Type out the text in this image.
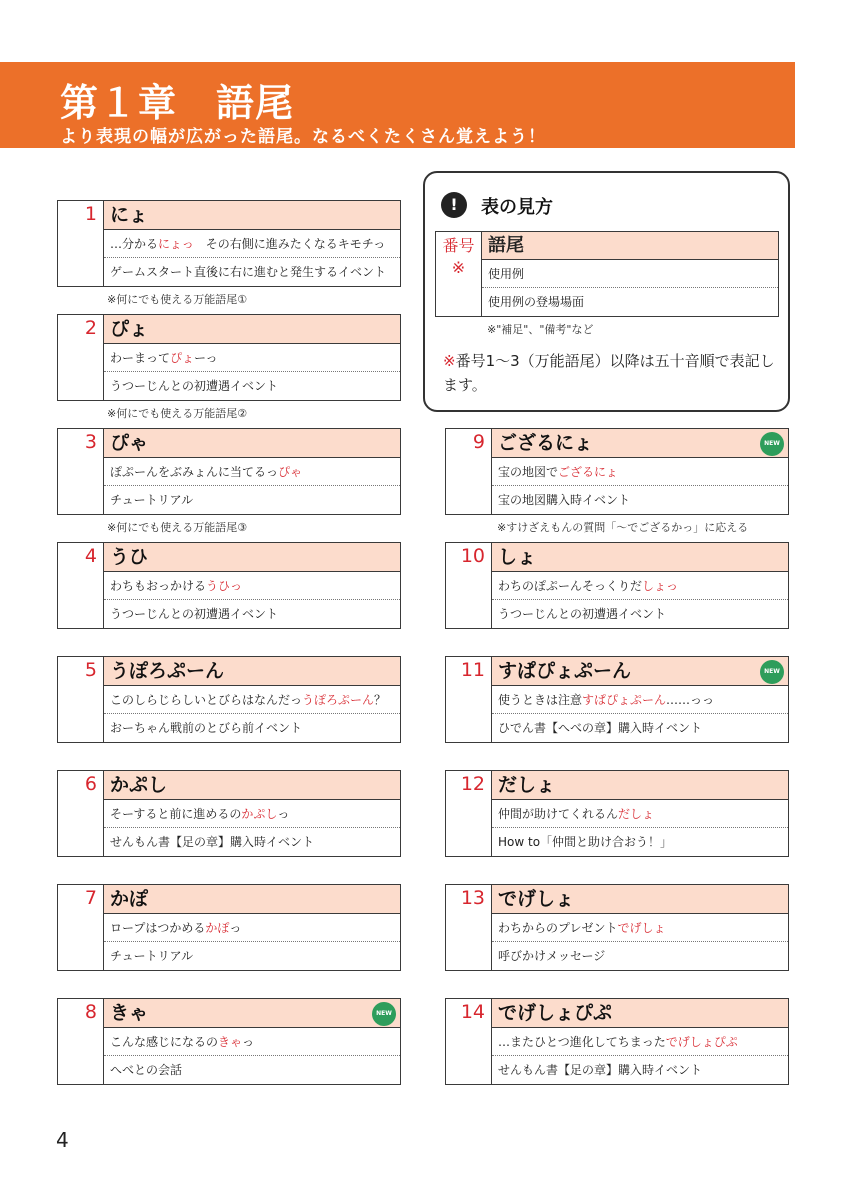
第１章　語尾
より表現の幅が広がった語尾。なるべくたくさん覚えよう！
!	表の見方
番号
※
語尾
使用例
使用例の登場場面
※"補足"、"備考"など
※番号1～3（万能語尾）以降は五十音順で表記します。
1 にょ
…分かるにょっ　その右側に進みたくなるキモチっ
ゲームスタート直後に右に進むと発生するイベント
※何にでも使える万能語尾①
2 ぴょ
わーまってぴょーっ
うつーじんとの初遭遇イベント
※何にでも使える万能語尾②
3 ぴゃ
ぽぷーんをぶみょんに当てるっぴゃ
チュートリアル
※何にでも使える万能語尾③
4 うひ
わちもおっかけるうひっ
うつーじんとの初遭遇イベント
5 うぽろぷーん
このしらじらしいとびらはなんだっうぽろぷーん？
おーちゃん戦前のとびら前イベント
6 かぷし
そーすると前に進めるのかぷしっ
せんもん書【足の章】購入時イベント
7 かぽ
ロープはつかめるかぽっ
チュートリアル
8 きゃ
こんな感じになるのきゃっ
へべとの会話
NEW
9 ござるにょ
宝の地図でござるにょ
宝の地図購入時イベント
NEW
※すけざえもんの質問「～でござるかっ」に応える
10 しょ
わちのぽぷーんそっくりだしょっ
うつーじんとの初遭遇イベント
11 すぱぴょぷーん
使うときは注意すぱぴょぷーん……っっ
ひでん書【へべの章】購入時イベント
NEW
12 だしょ
仲間が助けてくれるんだしょ
How to「仲間と助け合おう！」
13 でげしょ
わちからのプレゼントでげしょ
呼びかけメッセージ
14 でげしょぴぷ
…またひとつ進化してちまったでげしょぴぷ
せんもん書【足の章】購入時イベント
4
